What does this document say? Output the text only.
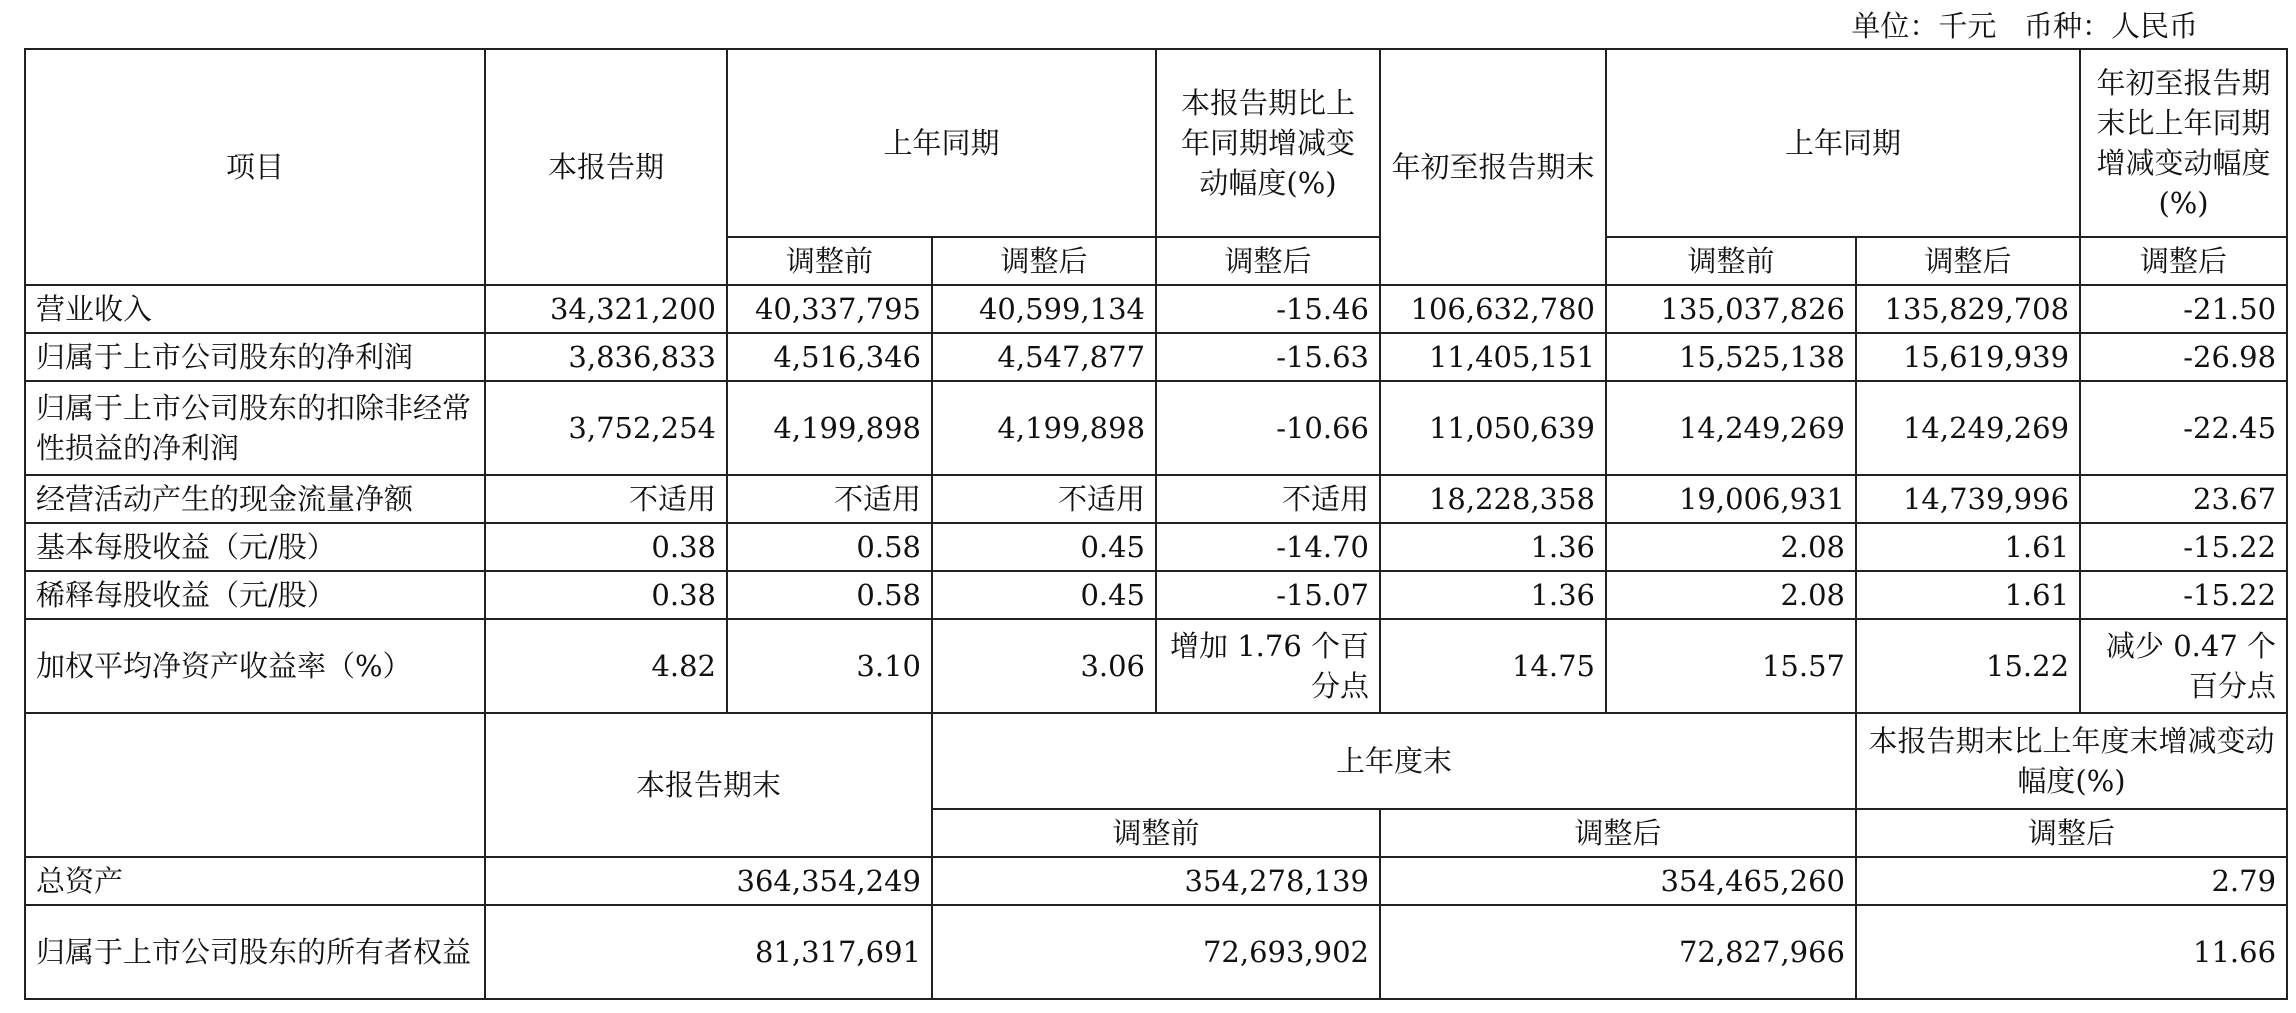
单位：千元   币种：人民币
项目	本报告期	上年同期		本报告期比上年同期增减变动幅度(%)	年初至报告期末	上年同期		年初至报告期末比上年同期增减变动幅度(%)
		调整前	调整后	调整后		调整前	调整后	调整后
营业收入	34,321,200	40,337,795	40,599,134	-15.46	106,632,780	135,037,826	135,829,708	-21.50
归属于上市公司股东的净利润	3,836,833	4,516,346	4,547,877	-15.63	11,405,151	15,525,138	15,619,939	-26.98
归属于上市公司股东的扣除非经常性损益的净利润	3,752,254	4,199,898	4,199,898	-10.66	11,050,639	14,249,269	14,249,269	-22.45
经营活动产生的现金流量净额	不适用	不适用	不适用	不适用	18,228,358	19,006,931	14,739,996	23.67
基本每股收益（元/股）	0.38	0.58	0.45	-14.70	1.36	2.08	1.61	-15.22
稀释每股收益（元/股）	0.38	0.58	0.45	-15.07	1.36	2.08	1.61	-15.22
加权平均净资产收益率（%）	4.82	3.10	3.06	增加 1.76 个百分点	14.75	15.57	15.22	减少 0.47 个百分点
	本报告期末		上年度末				本报告期末比上年度末增减变动幅度(%)	
			调整前		调整后		调整后	
总资产	364,354,249		354,278,139		354,465,260		2.79	
归属于上市公司股东的所有者权益	81,317,691		72,693,902		72,827,966		11.66	
